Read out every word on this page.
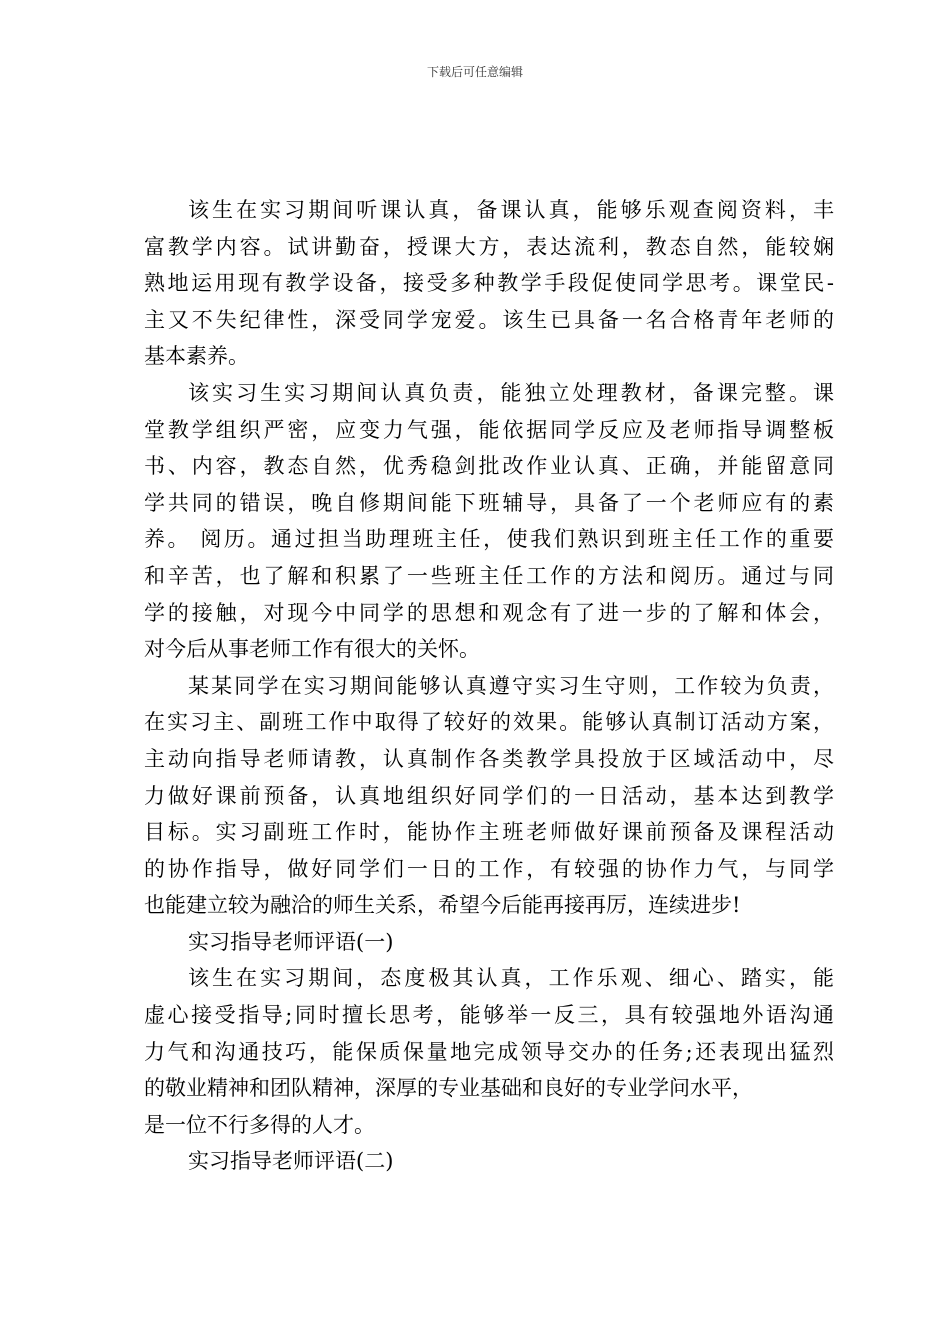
下载后可任意编辑
该生在实习期间听课认真，备课认真，能够乐观查阅资料，丰
富教学内容。试讲勤奋，授课大方，表达流利，教态自然，能较娴
熟地运用现有教学设备，接受多种教学手段促使同学思考。课堂民-
主又不失纪律性，深受同学宠爱。该生已具备一名合格青年老师的
基本素养。
该实习生实习期间认真负责，能独立处理教材，备课完整。课
堂教学组织严密，应变力气强，能依据同学反应及老师指导调整板
书、内容，教态自然，优秀稳剑批改作业认真、正确，并能留意同
学共同的错误，晚自修期间能下班辅导，具备了一个老师应有的素
养。 阅历。通过担当助理班主任，使我们熟识到班主任工作的重要
和辛苦，也了解和积累了一些班主任工作的方法和阅历。通过与同
学的接触，对现今中同学的思想和观念有了进一步的了解和体会，
对今后从事老师工作有很大的关怀。
某某同学在实习期间能够认真遵守实习生守则，工作较为负责，
在实习主、副班工作中取得了较好的效果。能够认真制订活动方案，
主动向指导老师请教，认真制作各类教学具投放于区域活动中，尽
力做好课前预备，认真地组织好同学们的一日活动，基本达到教学
目标。实习副班工作时，能协作主班老师做好课前预备及课程活动
的协作指导，做好同学们一日的工作，有较强的协作力气，与同学
也能建立较为融洽的师生关系，希望今后能再接再厉，连续进步!
实习指导老师评语(一)
该生在实习期间，态度极其认真，工作乐观、细心、踏实，能
虚心接受指导;同时擅长思考，能够举一反三，具有较强地外语沟通
力气和沟通技巧，能保质保量地完成领导交办的任务;还表现出猛烈
的敬业精神和团队精神，深厚的专业基础和良好的专业学问水平，
是一位不行多得的人才。
实习指导老师评语(二)
